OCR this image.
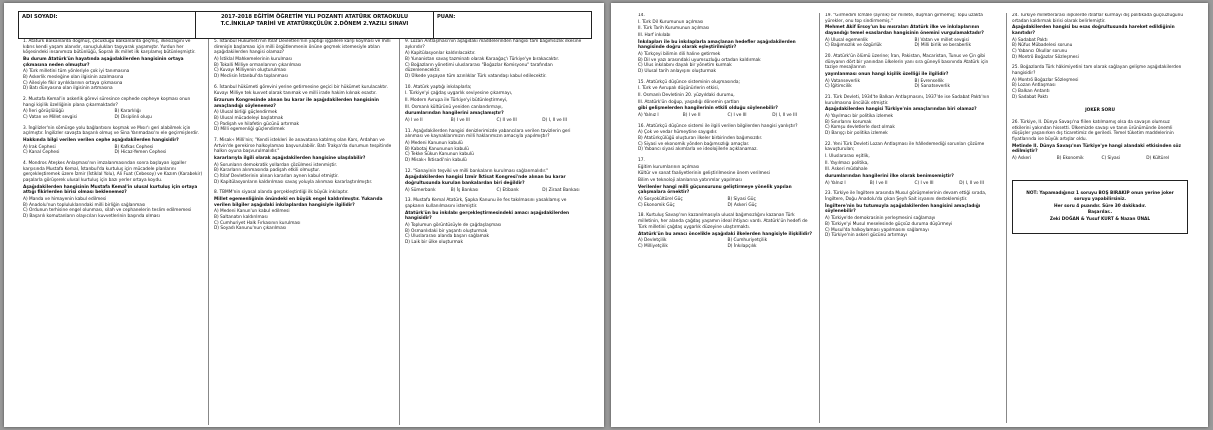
ADI SOYADI:	2017-2018 EĞİTİM ÖĞRETİM YILI POZANTI ATATÜRK ORTAOKULU
T.C.İNKILAP TARİHİ VE ATATÜRKÇÜLÜK 2.DÖNEM 2.YAZILI SINAVI
PUAN:

1. Atatürk Balkanlarda doğmuş, çocukluğu Balkanlarda geçmiş, ilkesizliğini ve kıbrıs kendi yaşam alanıdır, sonuçlulukları taşıyarak yaşamıştır. Yurdun her köşesindeki insanımıza bütünlüğü, Sopralı ilk millet ilk karşılamış bütünleşmiştir.

Bu durum Atatürk'ün hayatında aşağıdakilerden hangisinin ortaya çıkmasına neden olmuştur?

A) Türk milletini tüm yönleriyle çok iyi tanımasına
B) Askerlik mesleğine olan ilgisinin azalmasına
C) Ailesiyle fikir ayrılıklarının ortaya çıkmasına
D) Batı dünyasına olan ilgisinin artmasına

2. Mustafa Kemal'in askerlik görevi süresince cephede cepheye koşması onun hangi kişilik özelliğinin plana çıkarmaktadır?

A) İleri görüşlülüğü	B) Kararlılığı
C) Vatan ve Millet sevgisi	D) Disiplinli oluşu

3. İngilizler'nin sömürge yolu bağlantısını koşmak ve Mısır'ı geri alabilmek için açılmıştır. İngilizler savaşta başarılı olmuş ve Sina Yarımadası'nı ele geçirmişlerdir.

Hakkında bilgi verilen verilen cephe aşağıdakilerden hangisidir?

A) Irak Cephesi	B) Kafkas Cephesi
C) Kanal Cephesi	D) Hicaz-Yemen Cephesi

4. Mondros Ateşkes Anlaşması'nın imzalanmasından sonra başlayan işgaller karşısında Mustafa Kemal, İstanbul'da kurtuluş için mücadele planlarını gerçekleştiremek üzere İzmir (İstiklal Yolu), Ali Fuat (Cebesoy) ve Kazım (Karabekir) paşalarla görüşerek ulusal kurtuluş için bazı yerler ortaya koydu.

Aşağıdakilerden hangisinin Mustafa Kemal'in ulusal kurtuluş için ortaya attığı fikirlerden birisi olması beklenemez?

A) Manda ve himayenin kabul edilmesi
B) Anadolu'nun topluluklarındaki milli birliğin sağlanması
C) Ordunun terhisine engel olunması, silah ve cephanelerin teslim edilmemesi
D) Başarılı komutanların olayıcıları kuvvetlerinin başında olması

5. İstanbul Hükümeti'nin İtilaf Devletleri'nin yaptığı işgallere karşı koyması ve milli direnişin başlaması için milli örgütlenmenin önüne geçmek istemesiyle atılan aşağıdakilerden hangisi olamaz?

A) İstiklal Mahkemelerinin kurulması
B) Tokalli Milliye ormanlarının çıkarılması
C) Kuvayı Milliyenin oluşturulması
D) Meclisin İstanbul'da toplanması

6. İstanbul hükümeti görevini yerine getirmesine geçici bir hükümet kurulacaktır.

Kuvayı Milliye tek kuvvet olarak tanımak ve milli irade hakim kılınak esastır.

Erzurum Kongresinde alınan bu karar ile aşağıdakilerden hangisinin amaçlandığı söylenemez?

A) Ulusal birliği güçlendirmek
B) Ulusal mücadeleyi başlatmak
C) Padişah ve hilafetin gücünü artırmak
D) Milli egemenliği güçlendirmek

7. Misak-ı Milli'nin; "Kendi istekleri ile anavatana katılmış olan Kars, Ardahan ve Artvin'de gerekirse halkoylaması başvurulabilir. Batı Trakya'da durumun tespitinde halkın oyuna başvurulmalıdır."

kararlarıyla ilgili olarak aşağıdakilerden hangisine ulaşılabilir?

A) Sorunların demokratik yollardan çözülmesi istenmiştir.
B) Kararların alınmasında padişah etkili olmuştur.
C) İtilaf Devletlerinin alınan kararları aynen kabul etmiştir.
D) Kapitülasyonların kaldırılması savaş yoluyla alınması kararlaştırılmıştır.

8. TBMM'nin siyasal alanda gerçekleştirdiği ilk büyük inkılaptır.

Millet egemenliğinin önündeki en büyük engel kaldırılmıştır. Yukarıda verilen bilgiler aşağıdaki inkılaplardan hangisiyle ilgilidir?

A) Medeni Kanun'un kabul edilmesi
B) Saltanatın kaldırılması
C) Cumhuriyet Halk Fırkasının kurulması
D) Soyadı Kanunu'nun çıkarılması

9. Lozan Antlaşması'nın aşağıdaki maddelerinden hangisi tam bağımsızlık ilkesine aykırıdır?

A) Kapitülasyonlar kaldırılacaktır.
B) Yunanistan savaş tazminatı olarak Karaağaç'ı Türkiye'ye bırakacaktır.
C) Boğazların yönetimi uluslararası "Boğazlar Komisyonu" tarafından düzenlenecektir.
D) Ülkede yaşayan tüm azınlıklar Türk vatandaşı kabul edilecektir.

10. Atatürk yaptığı inkılaplarla;

I. Türkiye'yi çağdaş uygarlık seviyesine çıkarmayı,

II. Modern Avrupa ile Türkiye'yi bütünleştirmeyi,

III. Osmanlı kültürünü yeniden canlandırmayı,

durumlarından hangilerini amaçlamıştır?

A) I ve II	B) I ve III	C) II ve III	D) I, II ve III

11. Aşağıdakilerden hangisi denizlerimizde yabancılara verilen tavizlerin geri alınması ve kaynaklarımızın milli haklarımızın amacıyla yapılmıştır?

A) Medeni Kanunun kabulü
B) Kabotaj Kanununun kabulü
C) Tekke Sükun Kanunun kabulü
D) Misak-ı İktisadi'nin kabulü

12. "Sanayinin teşviki ve milli bankaların kurulması sağlanmalıdır."

Aşağıdakilerden hangisi İzmir İktisat Kongresi'nde alınan bu karar doğrultusunda kurulan bankalardan biri değildir?

A) Sümerbank	B) İş Bankası	C) Etibank	D) Ziraat Bankası

13. Mustafa Kemal Atatürk, Şapka Kanunu ile fes takılmasını yasaklamış ve şapkanın kullanılmasını istemiştir.

Atatürk'ün bu inkılabı gerçekleştirmesindeki amacı aşağıdakilerden hangisidir?

A) Toplumun görüntüsüyle de çağdaşlaşması
B) Osmanlıdaki bir yaşantı oluşturmak
C) Uluslararası alanda başarı sağlamak
D) Laik bir ülke oluşturmak

14.

I. Türk Dil Kurumunun açılması

II. Türk Tarih Kurumunun açılması

III. Harf inkılabı

İnkılapları ile bu inkılaplarla amaçlanan hedefler aşağıdakilerden hangisinde doğru olarak eşleştirilmiştir?

A) Türkçeyi bilimin dili haline getirmek
B) Dil ve yazı arasındaki uyumsuzluğu ortadan kaldırmak
C) Ulus inkılabını dayalı bir yönetim kurmak
D) Ulusal tarih anlayışını oluşturmak

15. Atatürkçü düşünce sisteminin oluşmasında;

I. Türk ve Avrupalı düşünürlerin etkisi,

II. Osmanlı Devletinin 20. yüzyıldaki durumu,

III. Atatürk'ün doğup, yaşadığı dönemin şartları

gibi gelişmelerden hangilerinin etkili olduğu söylenebilir?

A) Yalnız I	B) I ve II	C) I ve III	D) I, II ve III

16. Atatürkçü düşünce sistemi ile ilgili verilen bilgilerden hangisi yanlıştır?

A) Çok ve vedar hümeytine sayıgıdır.
B) Atatürkçülüğü oluşturan ilkeler birbirinden bağımsızdır.
C) Siyasi ve ekonomik yönden bağımsızlığı amaçlar.
D) Yabancı siyasi akımlarla ve ideolojilerle açıklanamaz.

17.

Eğitim kurumlarının açılması

Kültür ve sanat faaliyetlerinin geliştirilmesine önem verilmesi

Bilim ve teknoloji alanlarına yatırımlar yapılması

Verilenler hangi milli güçunsurunu geliştirmeye yönelik yapılan çalışmalara örnektir?

A) Sosyokültürel Güç	B) Siyasi Güç
C) Ekonomik Güç	D) Askeri Güç

18. Kurtuluş Savaşı'nın kazanılmasıyla ulusal bağımsızlığını kazanan Türk milletinin, her alanda çağdaş yaşamın ideal ihtiyacı vardı. Atatürk'ün hedefi de Türk milletini çağdaş uygarlık düzeyine ulaştırmaktı.

Atatürk'ün bu amacı öncelikle aşağıdaki ilkelerden hangisiyle ilişkilidir?

A) Devletçilik	B) Cumhuriyetçilik
C) Milliyetçilik	D) İnkılapçılık

19. "Girmedim İcmâle (ayrılık) bir millete, düşman girmemiş; Topu uzakta yürekler, onu top sindirmemiş."

Mehmet Akif Ersoy'un bu mısraları Atatürk ilke ve inkılaplarının dayandığı temel esaslardan hangisinin önemini vurgulamaktadır?

A) Ulusal egemenlik	B) Vatan ve millet sevgisi
C) Bağımsızlık ve özgürlük	D) Milli birlik ve beraberlik

20. Atatürk'ün ölümü üzerine; İran, Pakistan, Macaristan, Tunus ve Çin gibi dünyanın dört bir yanından ülkelerin yanı sıra güneyli basınında Atatürk için taziye mesajlarının

yayınlanması onun hangi kişilik özelliği ile ilgilidir?

A) Vatanseverlik	B) Evrensellik
C) İğitimcilik	D) Sanatseverlik

21. Türk Devleti, 1934'te Balkan Antlaşmasını, 1937'de ise Sadabat Paktı'nın kurulmasına öncülük etmiştir.

Aşağıdakilerden hangisi Türkiye'nin amaçlarından biri olamaz?

A) Yayılmacı bir politika izlemek
B) Sınırlarını korumak
C) Komşu devletlerle dost olmak
D) Barışçı bir politika izlemek

22. Yeni Türk Devleti Lozan Antlaşması ile hâlledemediği sorunları çözüme kavuşturulan;

I. Uluslararası eşitlik,

II. Yayılmacı politika,

III. Askeri müdahale

durumlarından hangilerini ilke olarak benimsemiştir?

A) Yalnız I	B) I ve II	C) I ve III	D) I, II ve III

23. Türkiye ile İngiltere arasında Musul görüşmelerinin devam ettiği sırada, İngiltere, Doğu Anadolu'da çıkan Şeyh Sait isyanını desteklemiştir.

İngiltere'nin bu tutumuyla aşağıdakilerden hangisini amaçladığı söylenebilir?

A) Türkiye'de demokrasinin yerleşmesini sağlamayı
B) Türkiye'yi Musul meselesinde güçsüz duruma düşürmeyi
C) Musul'da halkoylaması yapılmasını sağlamayı
D) Türkiye'nin askeri gücünü artırmayı

24. Türkiye milletlerarası ilişkilerde itilaflar kurmayı dış politikada güçsüzlüğünü ortadan kaldırmak birisi olarak belirlemiştir.

Aşağıdakilerden hangisi bu esas doğrultusunda hareket edildiğinin kanıtıdır?

A) Sadabat Paktı
B) Nüfus Mübadelesi sorunu
C) Yabancı Okullar sorunu
D) Montrö Boğazlar Sözleşmesi

25. Boğazlarda Türk hâkimiyetini tam olarak sağlayan gelişme aşağıdakilerden hangisidir?

A) Montrö Boğazlar Sözleşmesi
B) Lozan Antlaşması
C) Balkan Antantı
D) Sadabat Paktı
JOKER SORU

26. Türkiye, II. Dünya Savaşı'na fiilen katılmamış olsa da savaşın olumsuz etkilerini yakından hissetti. Ülkemizde savaşı ve tanın ürünümünde önemli düşüşler yaşanırken dış ticaretimiz de geriledi. Temel tüketim maddelerinin fiyatlarında ise büyük artışlar oldu.

Metinde II. Dünya Savaşı'nın Türkiye'ye hangi alandaki etkisinden söz edilmiştir?

A) Askeri	B) Ekonomik	C) Siyasi	D) Kültürel
NOT: Yapamadığınız 1 soruyu BOŞ BIRAKIP onun yerine joker soruyu yapabilirsiniz.
Her soru 4 puandır. Süre 30 dakikadır.
Başarılar..
Zeki DOĞAN & Yusuf KURT & Nazan ÜNAL
